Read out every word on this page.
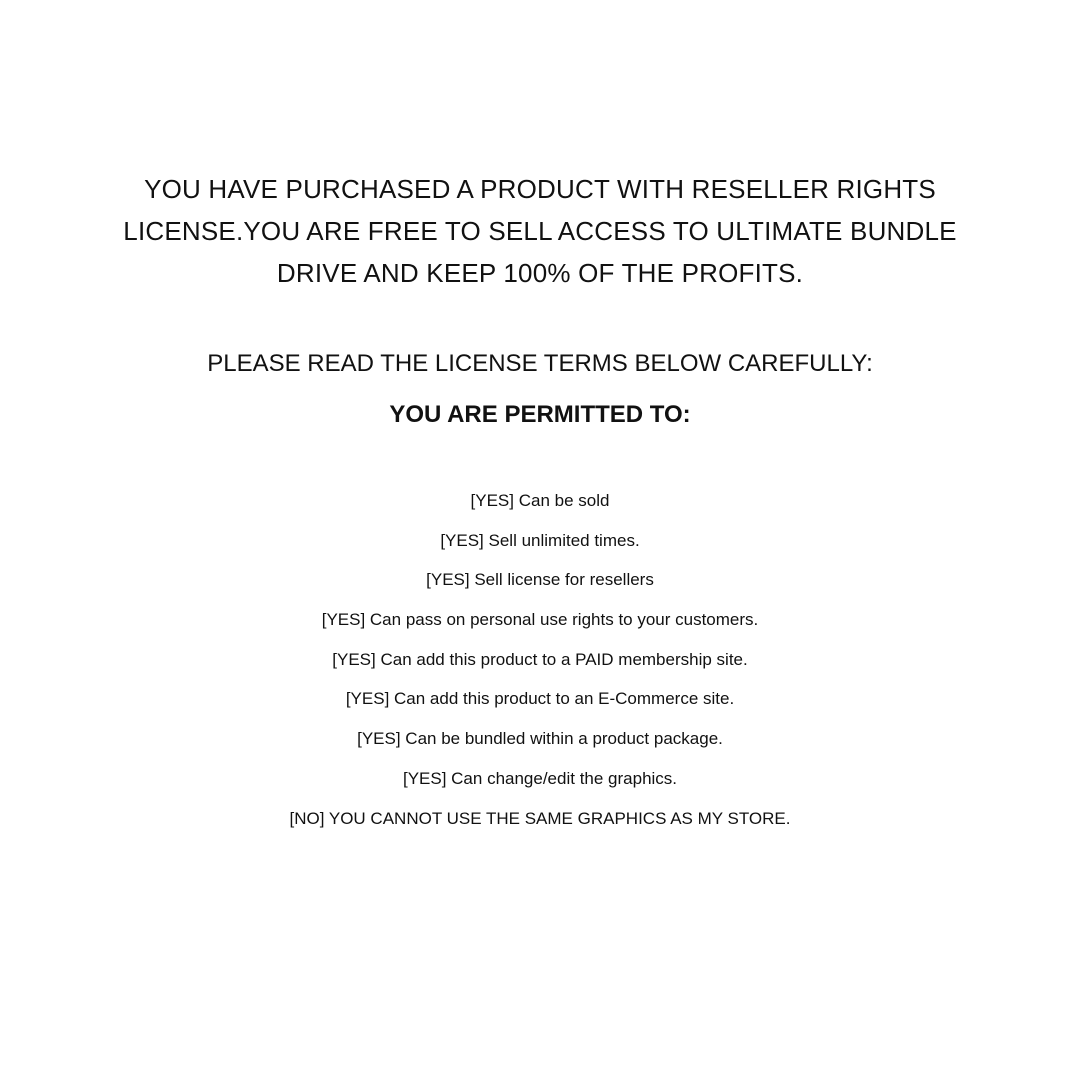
YOU HAVE PURCHASED A PRODUCT WITH RESELLER RIGHTS LICENSE.YOU ARE FREE TO SELL ACCESS TO ULTIMATE BUNDLE DRIVE AND KEEP 100% OF THE PROFITS.

PLEASE READ THE LICENSE TERMS BELOW CAREFULLY:

YOU ARE PERMITTED TO:

[YES] Can be sold
[YES] Sell unlimited times.
[YES] Sell license for resellers
[YES] Can pass on personal use rights to your customers.
[YES] Can add this product to a PAID membership site.
[YES] Can add this product to an E-Commerce site.
[YES] Can be bundled within a product package.
[YES] Can change/edit the graphics.
[NO] YOU CANNOT USE THE SAME GRAPHICS AS MY STORE.
